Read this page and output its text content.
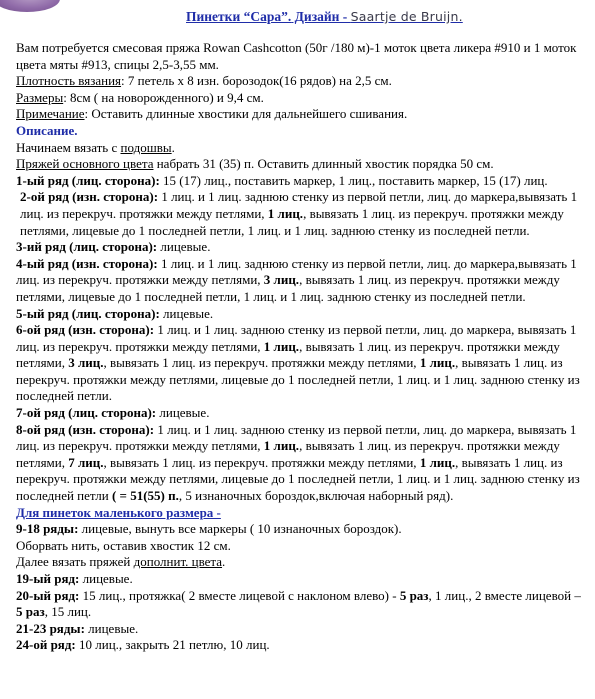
Пинетки “Сара”. Дизайн - Saartje de Bruijn.

Вам потребуется смесовая пряжа Rowan Cashcotton (50г /180 м)-1 моток цвета ликера #910 и 1 моток цвета мяты #913, спицы 2,5-3,55 мм.

Плотность вязания: 7 петель х 8 изн. борозодок(16 рядов) на 2,5 см.

Размеры: 8см ( на новорожденного) и 9,4 см.

Примечание: Оставить длинные хвостики для дальнейшего сшивания.

Описание.

Начинаем вязать с подошвы.

Пряжей основного цвета набрать 31 (35) п. Оставить длинный хвостик порядка 50 см.

1-ый ряд (лиц. сторона): 15 (17) лиц., поставить маркер, 1 лиц., поставить маркер, 15 (17) лиц.

2-ой ряд (изн. сторона): 1 лиц. и 1 лиц. заднюю стенку из первой петли, лиц. до маркера,вывязать 1 лиц. из перекруч. протяжки между петлями, 1 лиц., вывязать 1 лиц. из перекруч. протяжки между петлями, лицевые до 1 последней петли, 1 лиц. и 1 лиц. заднюю стенку из последней петли.

3-ий ряд (лиц. сторона): лицевые.

4-ый ряд (изн. сторона): 1 лиц. и 1 лиц. заднюю стенку из первой петли, лиц. до маркера,вывязать 1 лиц. из перекруч. протяжки между петлями, 3 лиц., вывязать 1 лиц. из перекруч. протяжки между петлями, лицевые до 1 последней петли, 1 лиц. и 1 лиц. заднюю стенку из последней петли.

5-ый ряд (лиц. сторона): лицевые.

6-ой ряд (изн. сторона): 1 лиц. и 1 лиц. заднюю стенку из первой петли, лиц. до маркера, вывязать 1 лиц. из перекруч. протяжки между петлями, 1 лиц., вывязать 1 лиц. из перекруч. протяжки между петлями, 3 лиц., вывязать 1 лиц. из перекруч. протяжки между петлями, 1 лиц., вывязать 1 лиц. из перекруч. протяжки между петлями, лицевые до 1 последней петли, 1 лиц. и 1 лиц. заднюю стенку из последней петли.

7-ой ряд (лиц. сторона): лицевые.

8-ой ряд (изн. сторона): 1 лиц. и 1 лиц. заднюю стенку из первой петли, лиц. до маркера, вывязать 1 лиц. из перекруч. протяжки между петлями, 1 лиц., вывязать 1 лиц. из перекруч. протяжки между петлями, 7 лиц., вывязать 1 лиц. из перекруч. протяжки между петлями, 1 лиц., вывязать 1 лиц. из перекруч. протяжки между петлями, лицевые до 1 последней петли, 1 лиц. и 1 лиц. заднюю стенку из последней петли ( = 51(55) п., 5 изнаночных бороздок,включая наборный ряд).

Для пинеток маленького размера -

9-18 ряды: лицевые, вынуть все маркеры ( 10 изнаночных бороздок).

Оборвать нить, оставив хвостик 12 см.

Далее вязать пряжей дополнит. цвета.

19-ый ряд: лицевые.

20-ый ряд: 15 лиц., протяжка( 2 вместе лицевой с наклоном влево) - 5 раз, 1 лиц., 2 вместе лицевой – 5 раз, 15 лиц.

21-23 ряды: лицевые.

24-ой ряд: 10 лиц., закрыть 21 петлю, 10 лиц.
